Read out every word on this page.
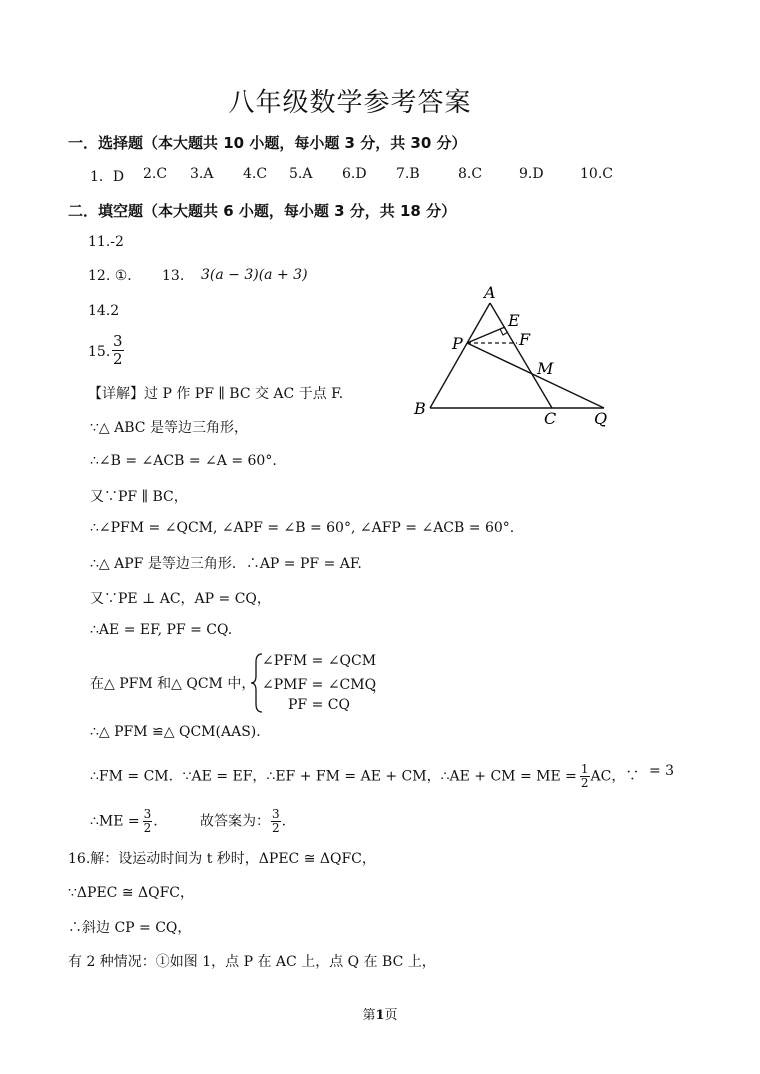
八年级数学参考答案
一．选择题（本大题共 10 小题，每小题 3 分，共 30 分）
1．D 2.C 3.A 4.C 5.A 6.D 7.B	8.C	9.D	10.C
二．填空题（本大题共 6 小题，每小题 3 分，共 18 分）
11.-2
12. ①. 13. 3(a − 3)(a + 3)
14.2
15. $\frac{3}{2}$
【详解】过 P 作 PF ∥ BC 交 AC 于点 F.
∵△ ABC 是等边三角形，
∴∠B = ∠ACB = ∠A = 60°.
又∵PF ∥ BC，
∴∠PFM = ∠QCM, ∠APF = ∠B = 60°, ∠AFP = ∠ACB = 60°.
∴△ APF 是等边三角形．∴AP = PF = AF.
又∵PE ⊥ AC，AP = CQ，
∴AE = EF, PF = CQ.
在△ PFM 和△ QCM 中，
∠PFM = ∠QCM
∠PMF = ∠CMQ
PF = CQ
，
∴△ PFM ≌△ QCM(AAS).
∴FM = CM．∵AE = EF，∴EF + FM = AE + CM，∴AE + CM = ME = $\frac{1}{2}$ AC，∵ = 3
∴ME = $\frac{3}{2}$ .	故答案为： $\frac{3}{2}$ .
16.解：设运动时间为 t 秒时，ΔPEC ≅ ΔQFC，
∵ΔPEC ≅ ΔQFC，
∴斜边 CP = CQ，
有 2 种情况：①如图 1，点 P 在 AC 上，点 Q 在 BC 上，
A
E
F
P
M
B
C Q
第1页
